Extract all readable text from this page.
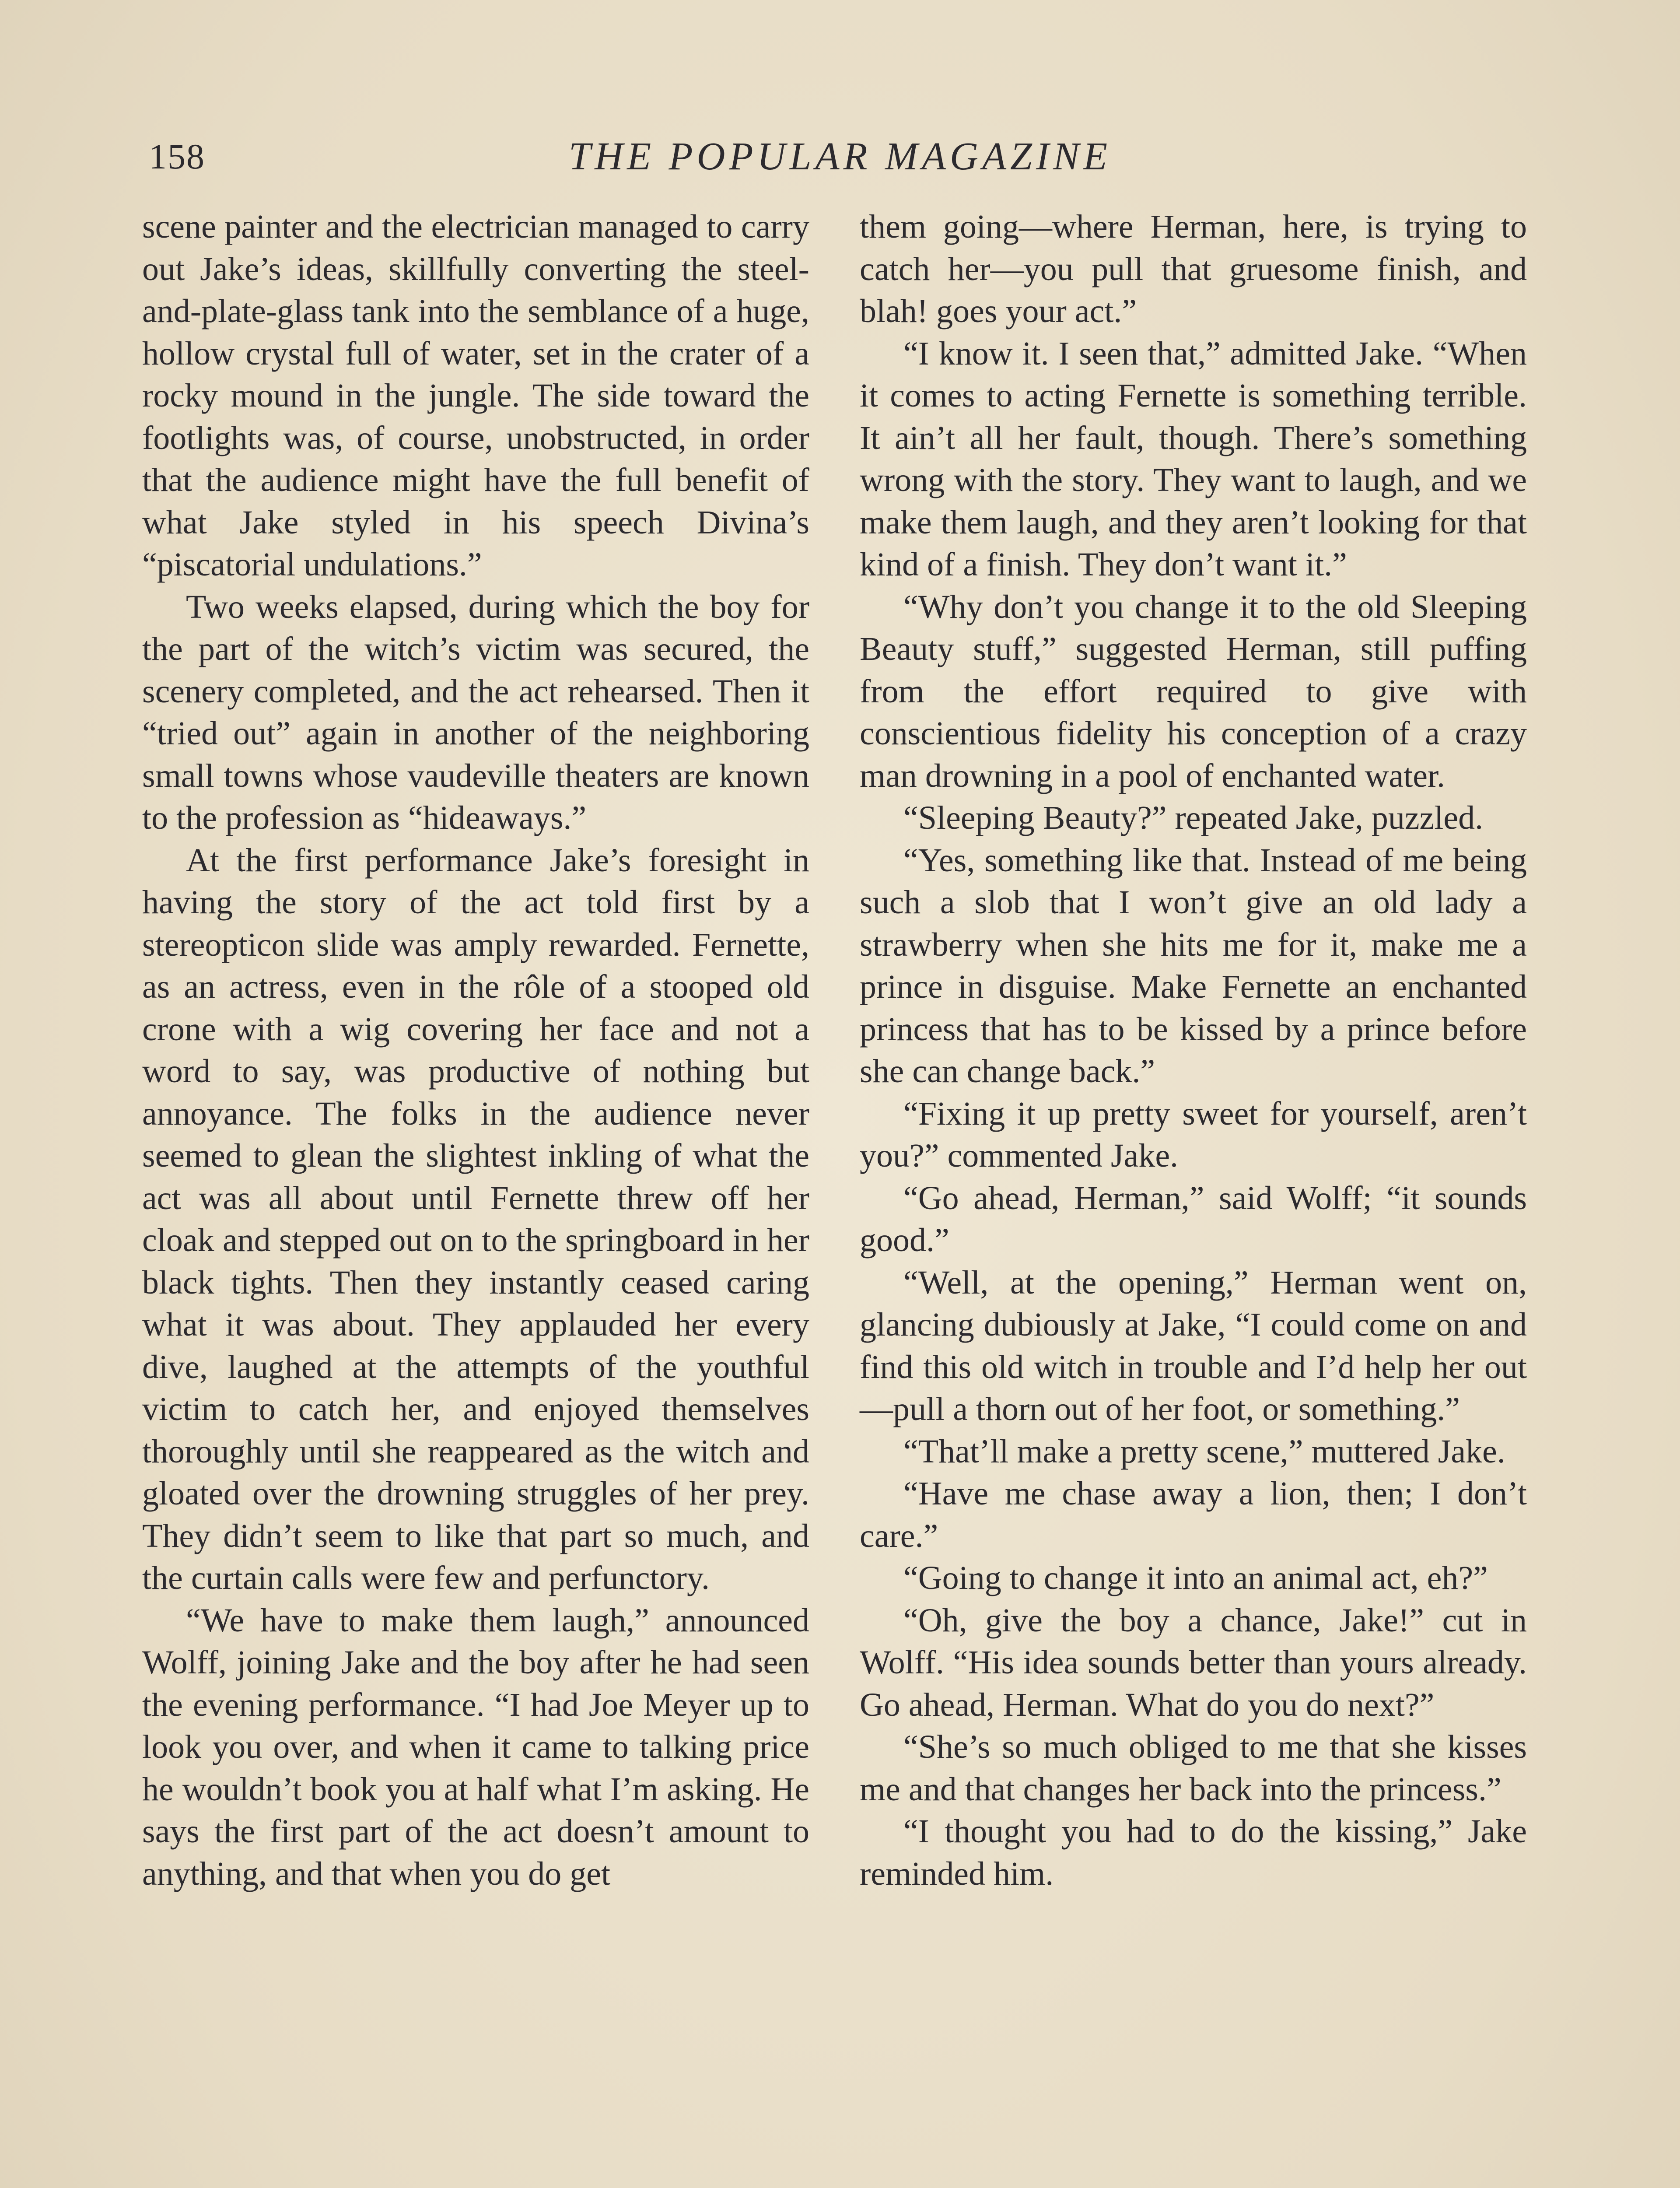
158	THE POPULAR MAGAZINE

scene painter and the electrician managed to carry out Jake’s ideas, skillfully converting the steel-and-plate-glass tank into the semblance of a huge, hollow crystal full of water, set in the crater of a rocky mound in the jungle. The side toward the footlights was, of course, unobstructed, in order that the audience might have the full benefit of what Jake styled in his speech Divina’s “piscatorial undulations.”

Two weeks elapsed, during which the boy for the part of the witch’s victim was secured, the scenery completed, and the act rehearsed. Then it “tried out” again in another of the neighboring small towns whose vaudeville theaters are known to the profession as “hideaways.”

At the first performance Jake’s foresight in having the story of the act told first by a stereopticon slide was amply rewarded. Fernette, as an actress, even in the rôle of a stooped old crone with a wig covering her face and not a word to say, was productive of nothing but annoyance. The folks in the audience never seemed to glean the slightest inkling of what the act was all about until Fernette threw off her cloak and stepped out on to the springboard in her black tights. Then they instantly ceased caring what it was about. They applauded her every dive, laughed at the attempts of the youthful victim to catch her, and enjoyed themselves thoroughly until she reappeared as the witch and gloated over the drowning struggles of her prey. They didn’t seem to like that part so much, and the curtain calls were few and perfunctory.

“We have to make them laugh,” announced Wolff, joining Jake and the boy after he had seen the evening performance. “I had Joe Meyer up to look you over, and when it came to talking price he wouldn’t book you at half what I’m asking. He says the first part of the act doesn’t amount to anything, and that when you do get

them going—where Herman, here, is trying to catch her—you pull that gruesome finish, and blah! goes your act.”

“I know it. I seen that,” admitted Jake. “When it comes to acting Fernette is something terrible. It ain’t all her fault, though. There’s something wrong with the story. They want to laugh, and we make them laugh, and they aren’t looking for that kind of a finish. They don’t want it.”

“Why don’t you change it to the old Sleeping Beauty stuff,” suggested Herman, still puffing from the effort required to give with conscientious fidelity his conception of a crazy man drowning in a pool of enchanted water.

“Sleeping Beauty?” repeated Jake, puzzled.

“Yes, something like that. Instead of me being such a slob that I won’t give an old lady a strawberry when she hits me for it, make me a prince in disguise. Make Fernette an enchanted princess that has to be kissed by a prince before she can change back.”

“Fixing it up pretty sweet for yourself, aren’t you?” commented Jake.

“Go ahead, Herman,” said Wolff; “it sounds good.”

“Well, at the opening,” Herman went on, glancing dubiously at Jake, “I could come on and find this old witch in trouble and I’d help her out—pull a thorn out of her foot, or something.”

“That’ll make a pretty scene,” muttered Jake.

“Have me chase away a lion, then; I don’t care.”

“Going to change it into an animal act, eh?”

“Oh, give the boy a chance, Jake!” cut in Wolff. “His idea sounds better than yours already. Go ahead, Herman. What do you do next?”

“She’s so much obliged to me that she kisses me and that changes her back into the princess.”

“I thought you had to do the kissing,” Jake reminded him.
